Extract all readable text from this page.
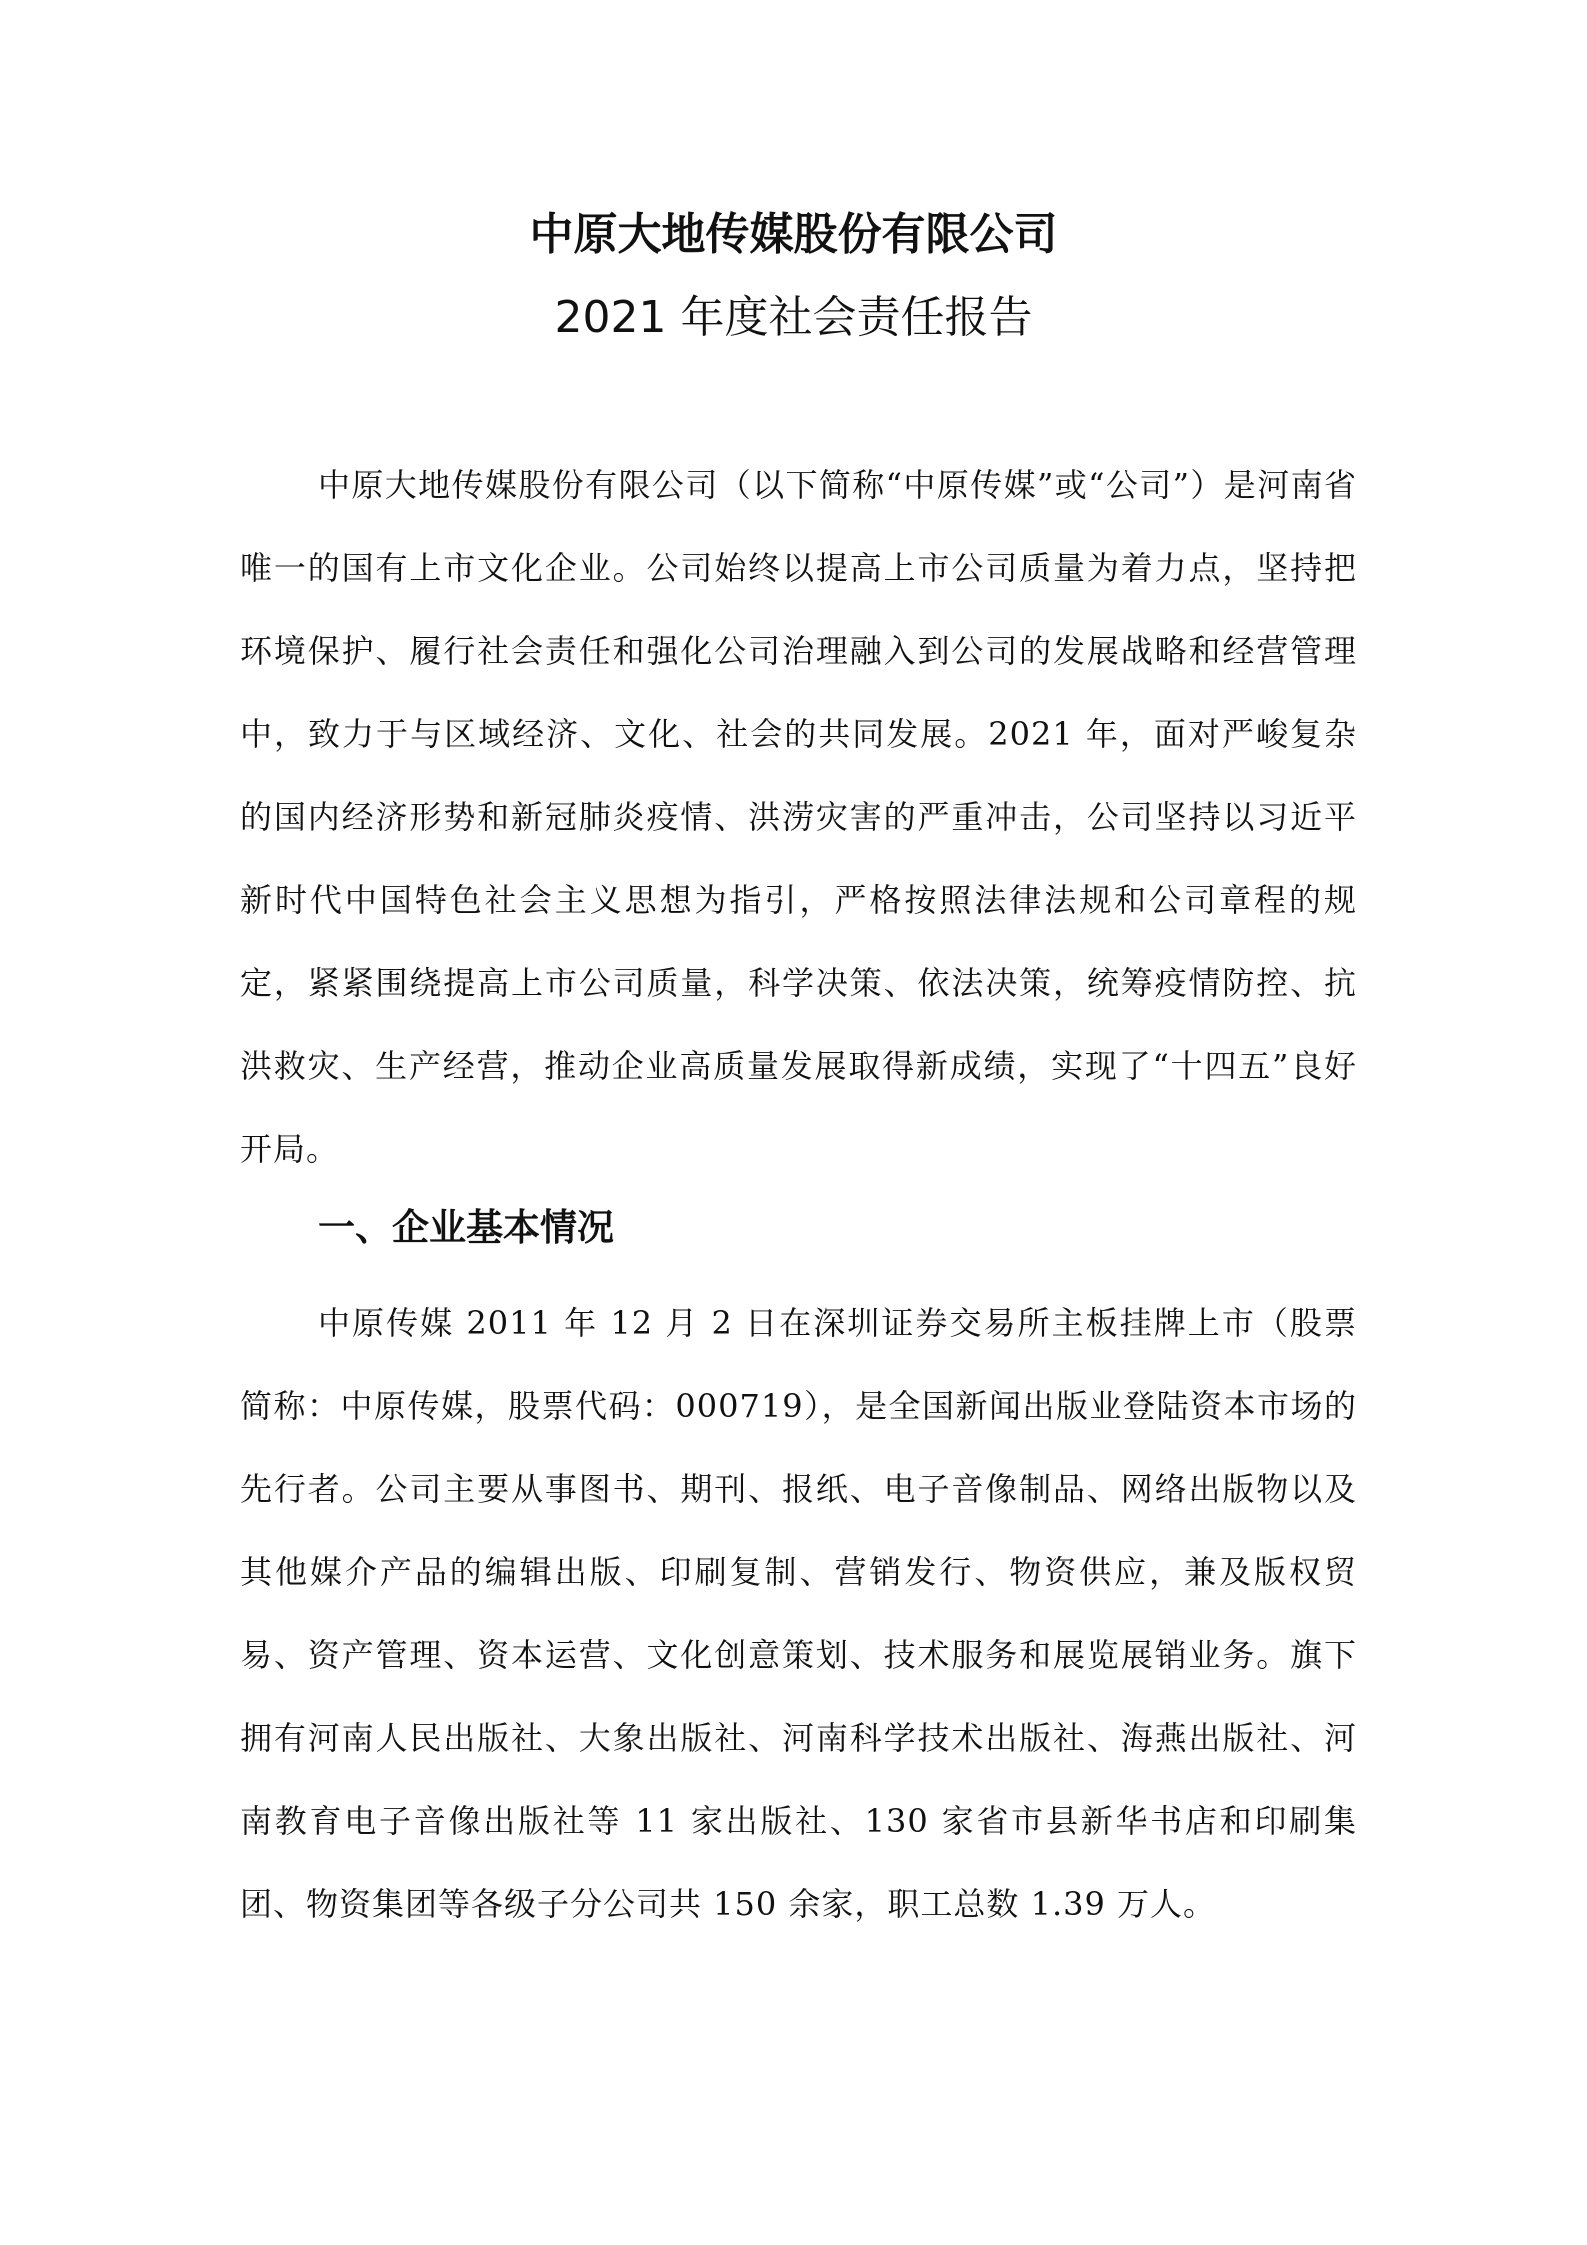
中原大地传媒股份有限公司
2021 年度社会责任报告

中原大地传媒股份有限公司（以下简称“中原传媒”或“公司”）是河南省唯一的国有上市文化企业。公司始终以提高上市公司质量为着力点，坚持把环境保护、履行社会责任和强化公司治理融入到公司的发展战略和经营管理中，致力于与区域经济、文化、社会的共同发展。2021 年，面对严峻复杂的国内经济形势和新冠肺炎疫情、洪涝灾害的严重冲击，公司坚持以习近平新时代中国特色社会主义思想为指引，严格按照法律法规和公司章程的规定，紧紧围绕提高上市公司质量，科学决策、依法决策，统筹疫情防控、抗洪救灾、生产经营，推动企业高质量发展取得新成绩，实现了“十四五”良好开局。

一、企业基本情况

中原传媒 2011 年 12 月 2 日在深圳证券交易所主板挂牌上市（股票简称：中原传媒，股票代码：000719），是全国新闻出版业登陆资本市场的先行者。公司主要从事图书、期刊、报纸、电子音像制品、网络出版物以及其他媒介产品的编辑出版、印刷复制、营销发行、物资供应，兼及版权贸易、资产管理、资本运营、文化创意策划、技术服务和展览展销业务。旗下拥有河南人民出版社、大象出版社、河南科学技术出版社、海燕出版社、河南教育电子音像出版社等 11 家出版社、130 家省市县新华书店和印刷集团、物资集团等各级子分公司共 150 余家，职工总数 1.39 万人。
